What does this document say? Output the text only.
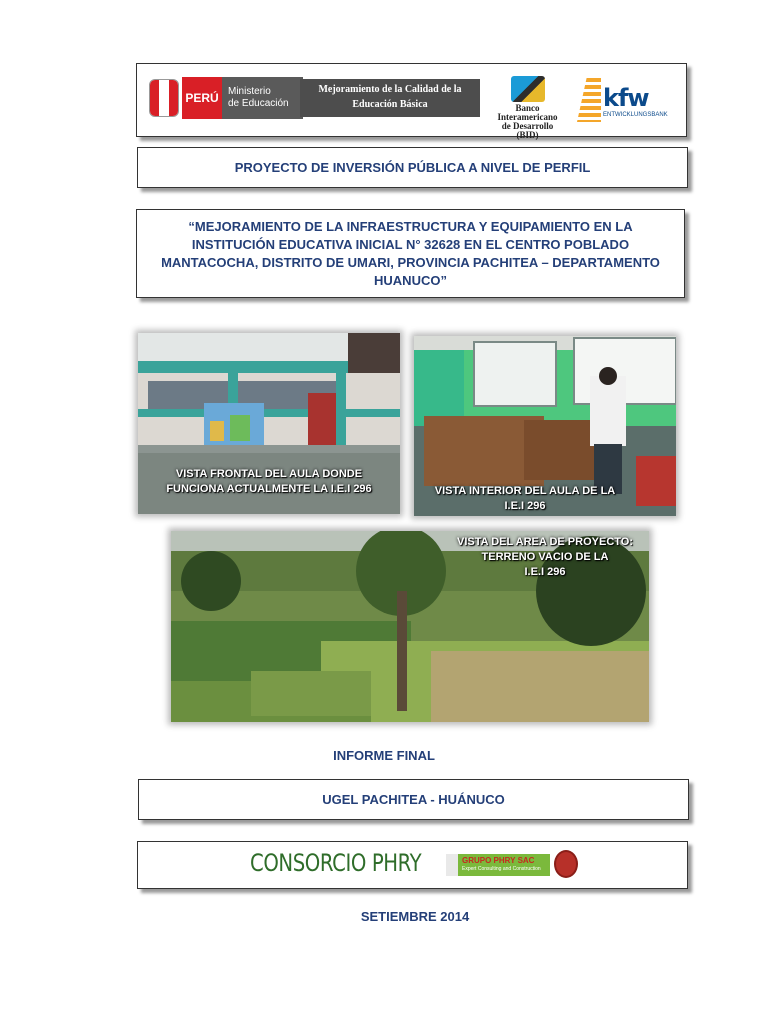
PERÚ Ministerio
de Educación
Mejoramiento de la Calidad de la
Educación Básica	Banco
Interamericano
de Desarrollo
(BID)
kfw
ENTWICKLUNGSBANK
PROYECTO DE INVERSIÓN PÚBLICA A NIVEL DE PERFIL
“MEJORAMIENTO DE LA INFRAESTRUCTURA Y EQUIPAMIENTO EN LA INSTITUCIÓN EDUCATIVA INICIAL N° 32628 EN EL CENTRO POBLADO MANTACOCHA, DISTRITO DE UMARI, PROVINCIA PACHITEA – DEPARTAMENTO HUANUCO”
VISTA FRONTAL DEL AULA DONDE
FUNCIONA ACTUALMENTE LA I.E.I 296	VISTA INTERIOR DEL AULA DE LA
I.E.I 296
VISTA DEL AREA DE PROYECTO:
TERRENO VACIO DE LA
I.E.I 296
INFORME FINAL
UGEL PACHITEA - HUÁNUCO
CONSORCIO PHRY	GRUPO PHRY SAC
Expert Consulting and Construction
SETIEMBRE 2014
